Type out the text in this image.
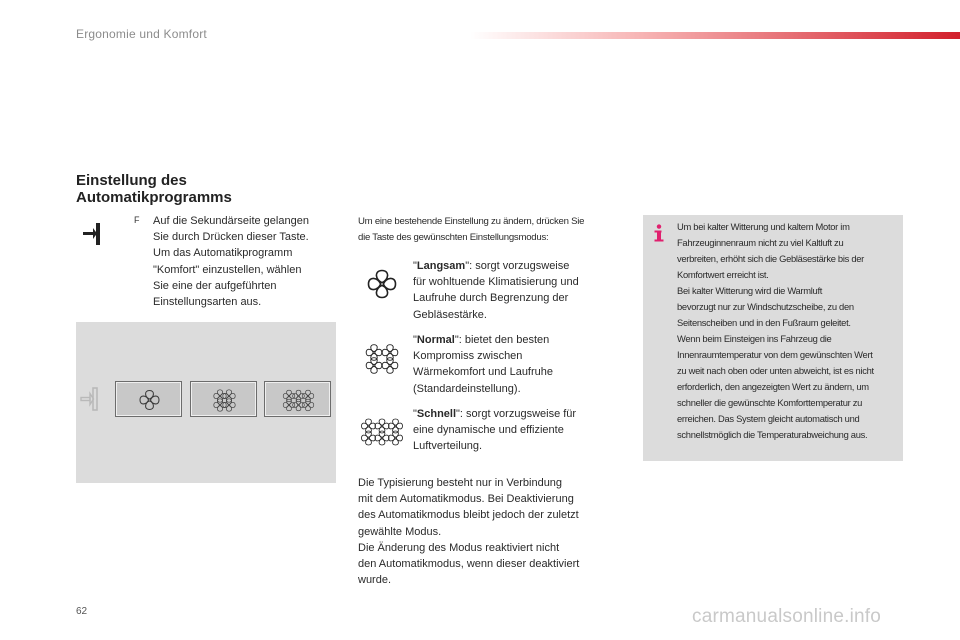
Ergonomie und Komfort
Einstellung des
Automatikprogramms
F Auf die Sekundärseite gelangen
Sie durch Drücken dieser Taste.
Um das Automatikprogramm
"Komfort" einzustellen, wählen
Sie eine der aufgeführten
Einstellungsarten aus.
Um eine bestehende Einstellung zu ändern, drücken Sie
die Taste des gewünschten Einstellungsmodus:
"Langsam": sorgt vorzugsweise
für wohltuende Klimatisierung und
Laufruhe durch Begrenzung der
Gebläsestärke.
"Normal": bietet den besten
Kompromiss zwischen
Wärmekomfort und Laufruhe
(Standardeinstellung).
"Schnell": sorgt vorzugsweise für
eine dynamische und effiziente
Luftverteilung.
Die Typisierung besteht nur in Verbindung
mit dem Automatikmodus. Bei Deaktivierung
des Automatikmodus bleibt jedoch der zuletzt
gewählte Modus.
Die Änderung des Modus reaktiviert nicht
den Automatikmodus, wenn dieser deaktiviert
wurde.
Um bei kalter Witterung und kaltem Motor im
Fahrzeuginnenraum nicht zu viel Kaltluft zu
verbreiten, erhöht sich die Gebläsestärke bis der
Komfortwert erreicht ist.
Bei kalter Witterung wird die Warmluft
bevorzugt nur zur Windschutzscheibe, zu den
Seitenscheiben und in den Fußraum geleitet.
Wenn beim Einsteigen ins Fahrzeug die
Innenraumtemperatur von dem gewünschten Wert
zu weit nach oben oder unten abweicht, ist es nicht
erforderlich, den angezeigten Wert zu ändern, um
schneller die gewünschte Komforttemperatur zu
erreichen. Das System gleicht automatisch und
schnellstmöglich die Temperaturabweichung aus.
62	carmanualsonline.info
